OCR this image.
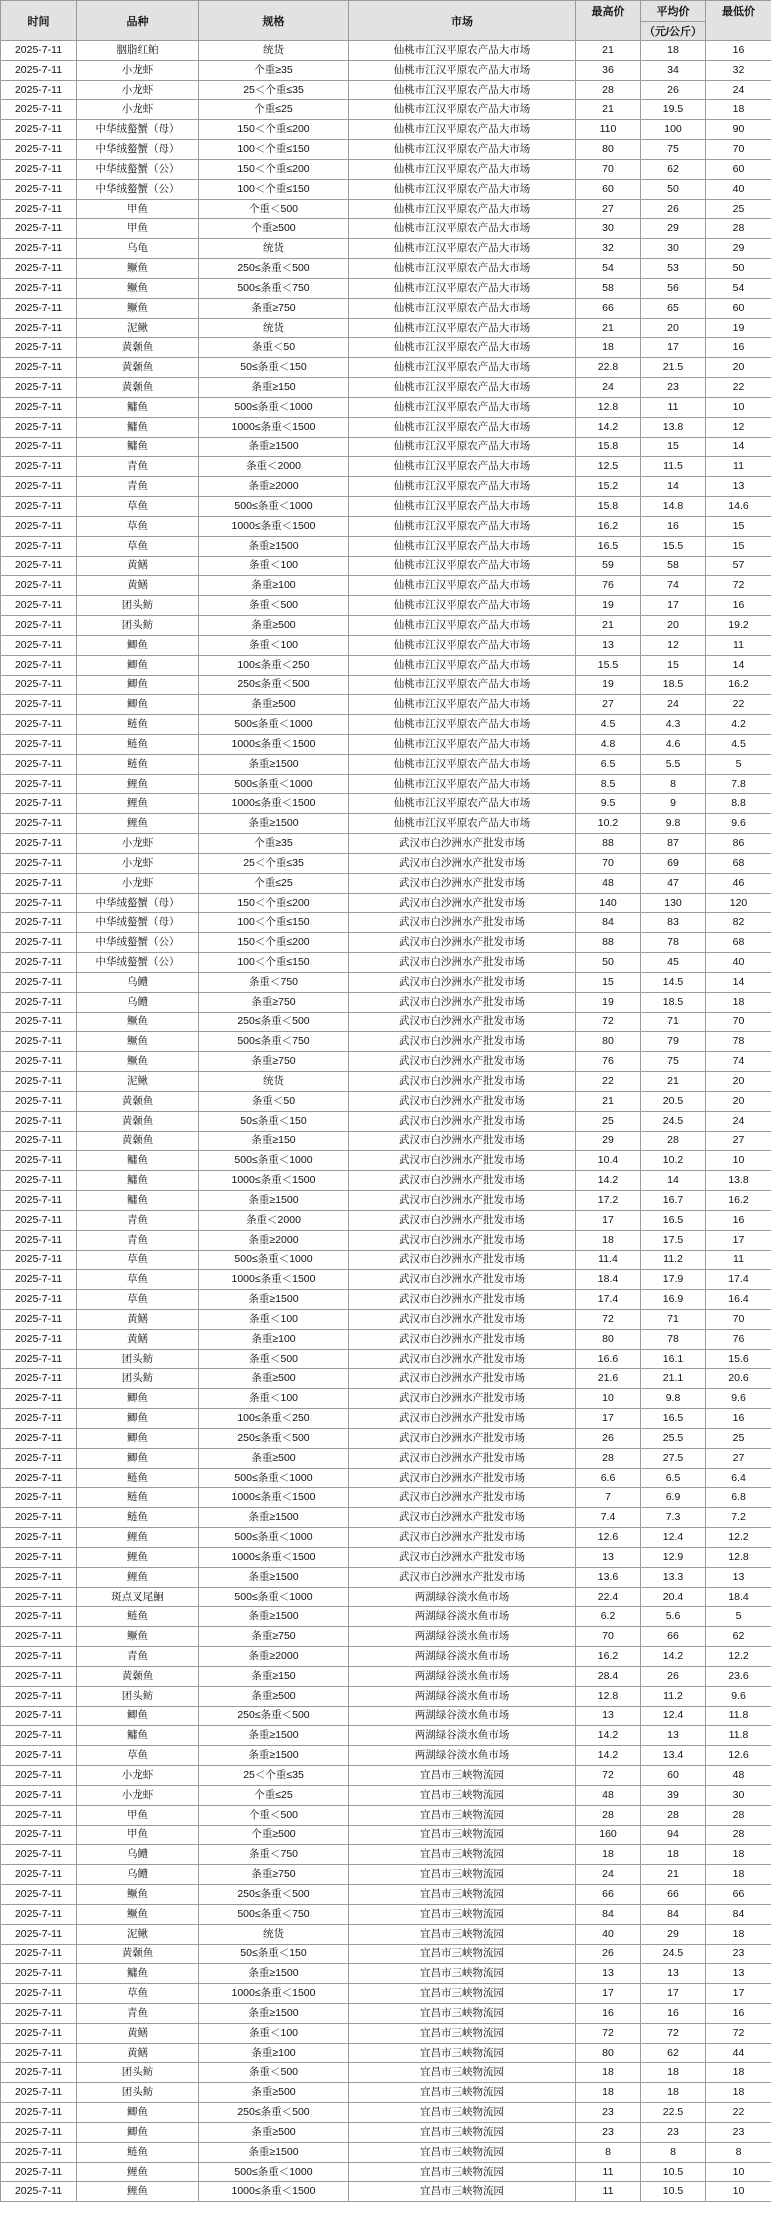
时间	品种	规格	市场	最高价	平均价	最低价
					（元/公斤）	
2025-7-11	胭脂红鲌	统货	仙桃市江汉平原农产品大市场	21	18	16
2025-7-11	小龙虾	个重≥35	仙桃市江汉平原农产品大市场	36	34	32
2025-7-11	小龙虾	25＜个重≤35	仙桃市江汉平原农产品大市场	28	26	24
2025-7-11	小龙虾	个重≤25	仙桃市江汉平原农产品大市场	21	19.5	18
2025-7-11	中华绒螯蟹（母）	150＜个重≤200	仙桃市江汉平原农产品大市场	110	100	90
2025-7-11	中华绒螯蟹（母）	100＜个重≤150	仙桃市江汉平原农产品大市场	80	75	70
2025-7-11	中华绒螯蟹（公）	150＜个重≤200	仙桃市江汉平原农产品大市场	70	62	60
2025-7-11	中华绒螯蟹（公）	100＜个重≤150	仙桃市江汉平原农产品大市场	60	50	40
2025-7-11	甲鱼	个重＜500	仙桃市江汉平原农产品大市场	27	26	25
2025-7-11	甲鱼	个重≥500	仙桃市江汉平原农产品大市场	30	29	28
2025-7-11	乌龟	统货	仙桃市江汉平原农产品大市场	32	30	29
2025-7-11	鳜鱼	250≤条重＜500	仙桃市江汉平原农产品大市场	54	53	50
2025-7-11	鳜鱼	500≤条重＜750	仙桃市江汉平原农产品大市场	58	56	54
2025-7-11	鳜鱼	条重≥750	仙桃市江汉平原农产品大市场	66	65	60
2025-7-11	泥鳅	统货	仙桃市江汉平原农产品大市场	21	20	19
2025-7-11	黄颡鱼	条重＜50	仙桃市江汉平原农产品大市场	18	17	16
2025-7-11	黄颡鱼	50≤条重＜150	仙桃市江汉平原农产品大市场	22.8	21.5	20
2025-7-11	黄颡鱼	条重≥150	仙桃市江汉平原农产品大市场	24	23	22
2025-7-11	鳙鱼	500≤条重＜1000	仙桃市江汉平原农产品大市场	12.8	11	10
2025-7-11	鳙鱼	1000≤条重＜1500	仙桃市江汉平原农产品大市场	14.2	13.8	12
2025-7-11	鳙鱼	条重≥1500	仙桃市江汉平原农产品大市场	15.8	15	14
2025-7-11	青鱼	条重＜2000	仙桃市江汉平原农产品大市场	12.5	11.5	11
2025-7-11	青鱼	条重≥2000	仙桃市江汉平原农产品大市场	15.2	14	13
2025-7-11	草鱼	500≤条重＜1000	仙桃市江汉平原农产品大市场	15.8	14.8	14.6
2025-7-11	草鱼	1000≤条重＜1500	仙桃市江汉平原农产品大市场	16.2	16	15
2025-7-11	草鱼	条重≥1500	仙桃市江汉平原农产品大市场	16.5	15.5	15
2025-7-11	黄鳝	条重＜100	仙桃市江汉平原农产品大市场	59	58	57
2025-7-11	黄鳝	条重≥100	仙桃市江汉平原农产品大市场	76	74	72
2025-7-11	团头鲂	条重＜500	仙桃市江汉平原农产品大市场	19	17	16
2025-7-11	团头鲂	条重≥500	仙桃市江汉平原农产品大市场	21	20	19.2
2025-7-11	鲫鱼	条重＜100	仙桃市江汉平原农产品大市场	13	12	11
2025-7-11	鲫鱼	100≤条重＜250	仙桃市江汉平原农产品大市场	15.5	15	14
2025-7-11	鲫鱼	250≤条重＜500	仙桃市江汉平原农产品大市场	19	18.5	16.2
2025-7-11	鲫鱼	条重≥500	仙桃市江汉平原农产品大市场	27	24	22
2025-7-11	鲢鱼	500≤条重＜1000	仙桃市江汉平原农产品大市场	4.5	4.3	4.2
2025-7-11	鲢鱼	1000≤条重＜1500	仙桃市江汉平原农产品大市场	4.8	4.6	4.5
2025-7-11	鲢鱼	条重≥1500	仙桃市江汉平原农产品大市场	6.5	5.5	5
2025-7-11	鲤鱼	500≤条重＜1000	仙桃市江汉平原农产品大市场	8.5	8	7.8
2025-7-11	鲤鱼	1000≤条重＜1500	仙桃市江汉平原农产品大市场	9.5	9	8.8
2025-7-11	鲤鱼	条重≥1500	仙桃市江汉平原农产品大市场	10.2	9.8	9.6
2025-7-11	小龙虾	个重≥35	武汉市白沙洲水产批发市场	88	87	86
2025-7-11	小龙虾	25＜个重≤35	武汉市白沙洲水产批发市场	70	69	68
2025-7-11	小龙虾	个重≤25	武汉市白沙洲水产批发市场	48	47	46
2025-7-11	中华绒螯蟹（母）	150＜个重≤200	武汉市白沙洲水产批发市场	140	130	120
2025-7-11	中华绒螯蟹（母）	100＜个重≤150	武汉市白沙洲水产批发市场	84	83	82
2025-7-11	中华绒螯蟹（公）	150＜个重≤200	武汉市白沙洲水产批发市场	88	78	68
2025-7-11	中华绒螯蟹（公）	100＜个重≤150	武汉市白沙洲水产批发市场	50	45	40
2025-7-11	乌鳢	条重＜750	武汉市白沙洲水产批发市场	15	14.5	14
2025-7-11	乌鳢	条重≥750	武汉市白沙洲水产批发市场	19	18.5	18
2025-7-11	鳜鱼	250≤条重＜500	武汉市白沙洲水产批发市场	72	71	70
2025-7-11	鳜鱼	500≤条重＜750	武汉市白沙洲水产批发市场	80	79	78
2025-7-11	鳜鱼	条重≥750	武汉市白沙洲水产批发市场	76	75	74
2025-7-11	泥鳅	统货	武汉市白沙洲水产批发市场	22	21	20
2025-7-11	黄颡鱼	条重＜50	武汉市白沙洲水产批发市场	21	20.5	20
2025-7-11	黄颡鱼	50≤条重＜150	武汉市白沙洲水产批发市场	25	24.5	24
2025-7-11	黄颡鱼	条重≥150	武汉市白沙洲水产批发市场	29	28	27
2025-7-11	鳙鱼	500≤条重＜1000	武汉市白沙洲水产批发市场	10.4	10.2	10
2025-7-11	鳙鱼	1000≤条重＜1500	武汉市白沙洲水产批发市场	14.2	14	13.8
2025-7-11	鳙鱼	条重≥1500	武汉市白沙洲水产批发市场	17.2	16.7	16.2
2025-7-11	青鱼	条重＜2000	武汉市白沙洲水产批发市场	17	16.5	16
2025-7-11	青鱼	条重≥2000	武汉市白沙洲水产批发市场	18	17.5	17
2025-7-11	草鱼	500≤条重＜1000	武汉市白沙洲水产批发市场	11.4	11.2	11
2025-7-11	草鱼	1000≤条重＜1500	武汉市白沙洲水产批发市场	18.4	17.9	17.4
2025-7-11	草鱼	条重≥1500	武汉市白沙洲水产批发市场	17.4	16.9	16.4
2025-7-11	黄鳝	条重＜100	武汉市白沙洲水产批发市场	72	71	70
2025-7-11	黄鳝	条重≥100	武汉市白沙洲水产批发市场	80	78	76
2025-7-11	团头鲂	条重＜500	武汉市白沙洲水产批发市场	16.6	16.1	15.6
2025-7-11	团头鲂	条重≥500	武汉市白沙洲水产批发市场	21.6	21.1	20.6
2025-7-11	鲫鱼	条重＜100	武汉市白沙洲水产批发市场	10	9.8	9.6
2025-7-11	鲫鱼	100≤条重＜250	武汉市白沙洲水产批发市场	17	16.5	16
2025-7-11	鲫鱼	250≤条重＜500	武汉市白沙洲水产批发市场	26	25.5	25
2025-7-11	鲫鱼	条重≥500	武汉市白沙洲水产批发市场	28	27.5	27
2025-7-11	鲢鱼	500≤条重＜1000	武汉市白沙洲水产批发市场	6.6	6.5	6.4
2025-7-11	鲢鱼	1000≤条重＜1500	武汉市白沙洲水产批发市场	7	6.9	6.8
2025-7-11	鲢鱼	条重≥1500	武汉市白沙洲水产批发市场	7.4	7.3	7.2
2025-7-11	鲤鱼	500≤条重＜1000	武汉市白沙洲水产批发市场	12.6	12.4	12.2
2025-7-11	鲤鱼	1000≤条重＜1500	武汉市白沙洲水产批发市场	13	12.9	12.8
2025-7-11	鲤鱼	条重≥1500	武汉市白沙洲水产批发市场	13.6	13.3	13
2025-7-11	斑点叉尾鮰	500≤条重＜1000	两湖绿谷淡水鱼市场	22.4	20.4	18.4
2025-7-11	鲢鱼	条重≥1500	两湖绿谷淡水鱼市场	6.2	5.6	5
2025-7-11	鳜鱼	条重≥750	两湖绿谷淡水鱼市场	70	66	62
2025-7-11	青鱼	条重≥2000	两湖绿谷淡水鱼市场	16.2	14.2	12.2
2025-7-11	黄颡鱼	条重≥150	两湖绿谷淡水鱼市场	28.4	26	23.6
2025-7-11	团头鲂	条重≥500	两湖绿谷淡水鱼市场	12.8	11.2	9.6
2025-7-11	鲫鱼	250≤条重＜500	两湖绿谷淡水鱼市场	13	12.4	11.8
2025-7-11	鳙鱼	条重≥1500	两湖绿谷淡水鱼市场	14.2	13	11.8
2025-7-11	草鱼	条重≥1500	两湖绿谷淡水鱼市场	14.2	13.4	12.6
2025-7-11	小龙虾	25＜个重≤35	宜昌市三峡物流园	72	60	48
2025-7-11	小龙虾	个重≤25	宜昌市三峡物流园	48	39	30
2025-7-11	甲鱼	个重＜500	宜昌市三峡物流园	28	28	28
2025-7-11	甲鱼	个重≥500	宜昌市三峡物流园	160	94	28
2025-7-11	乌鳢	条重＜750	宜昌市三峡物流园	18	18	18
2025-7-11	乌鳢	条重≥750	宜昌市三峡物流园	24	21	18
2025-7-11	鳜鱼	250≤条重＜500	宜昌市三峡物流园	66	66	66
2025-7-11	鳜鱼	500≤条重＜750	宜昌市三峡物流园	84	84	84
2025-7-11	泥鳅	统货	宜昌市三峡物流园	40	29	18
2025-7-11	黄颡鱼	50≤条重＜150	宜昌市三峡物流园	26	24.5	23
2025-7-11	鳙鱼	条重≥1500	宜昌市三峡物流园	13	13	13
2025-7-11	草鱼	1000≤条重＜1500	宜昌市三峡物流园	17	17	17
2025-7-11	青鱼	条重≥1500	宜昌市三峡物流园	16	16	16
2025-7-11	黄鳝	条重＜100	宜昌市三峡物流园	72	72	72
2025-7-11	黄鳝	条重≥100	宜昌市三峡物流园	80	62	44
2025-7-11	团头鲂	条重＜500	宜昌市三峡物流园	18	18	18
2025-7-11	团头鲂	条重≥500	宜昌市三峡物流园	18	18	18
2025-7-11	鲫鱼	250≤条重＜500	宜昌市三峡物流园	23	22.5	22
2025-7-11	鲫鱼	条重≥500	宜昌市三峡物流园	23	23	23
2025-7-11	鲢鱼	条重≥1500	宜昌市三峡物流园	8	8	8
2025-7-11	鲤鱼	500≤条重＜1000	宜昌市三峡物流园	11	10.5	10
2025-7-11	鲤鱼	1000≤条重＜1500	宜昌市三峡物流园	11	10.5	10
